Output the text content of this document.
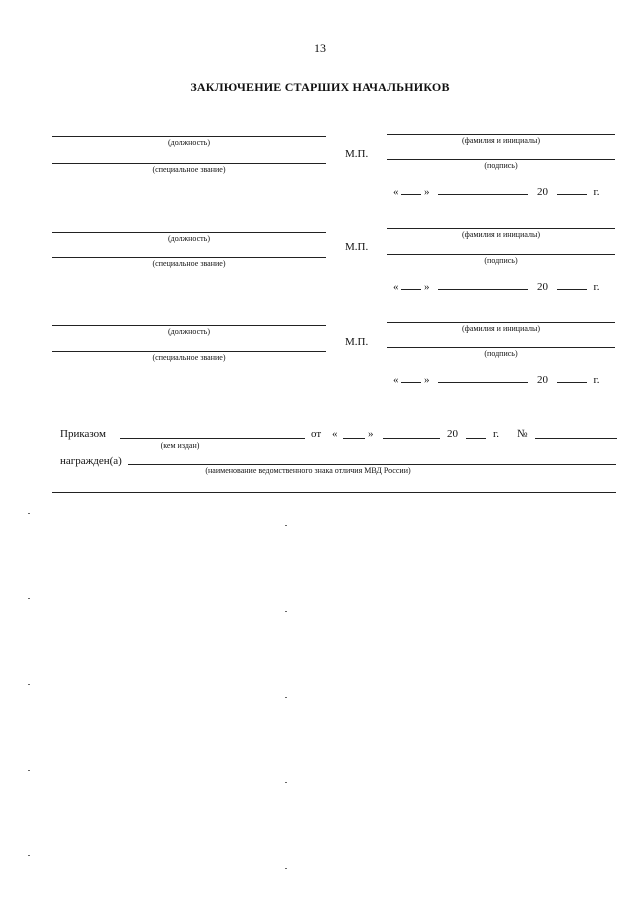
13
ЗАКЛЮЧЕНИЕ СТАРШИХ НАЧАЛЬНИКОВ
(должность)
(специальное звание)
М.П.
(фамилия и инициалы)
(подпись)
« »	20	г.
(должность)
(специальное звание)
М.П.
(фамилия и инициалы)
(подпись)
« »	20	г.
(должность)
(специальное звание)
М.П.
(фамилия и инициалы)
(подпись)
« »	20	г.
Приказом
(кем издан)
от «	»	20	г. №
награжден(а)
(наименование ведомственного знака отличия МВД России)
